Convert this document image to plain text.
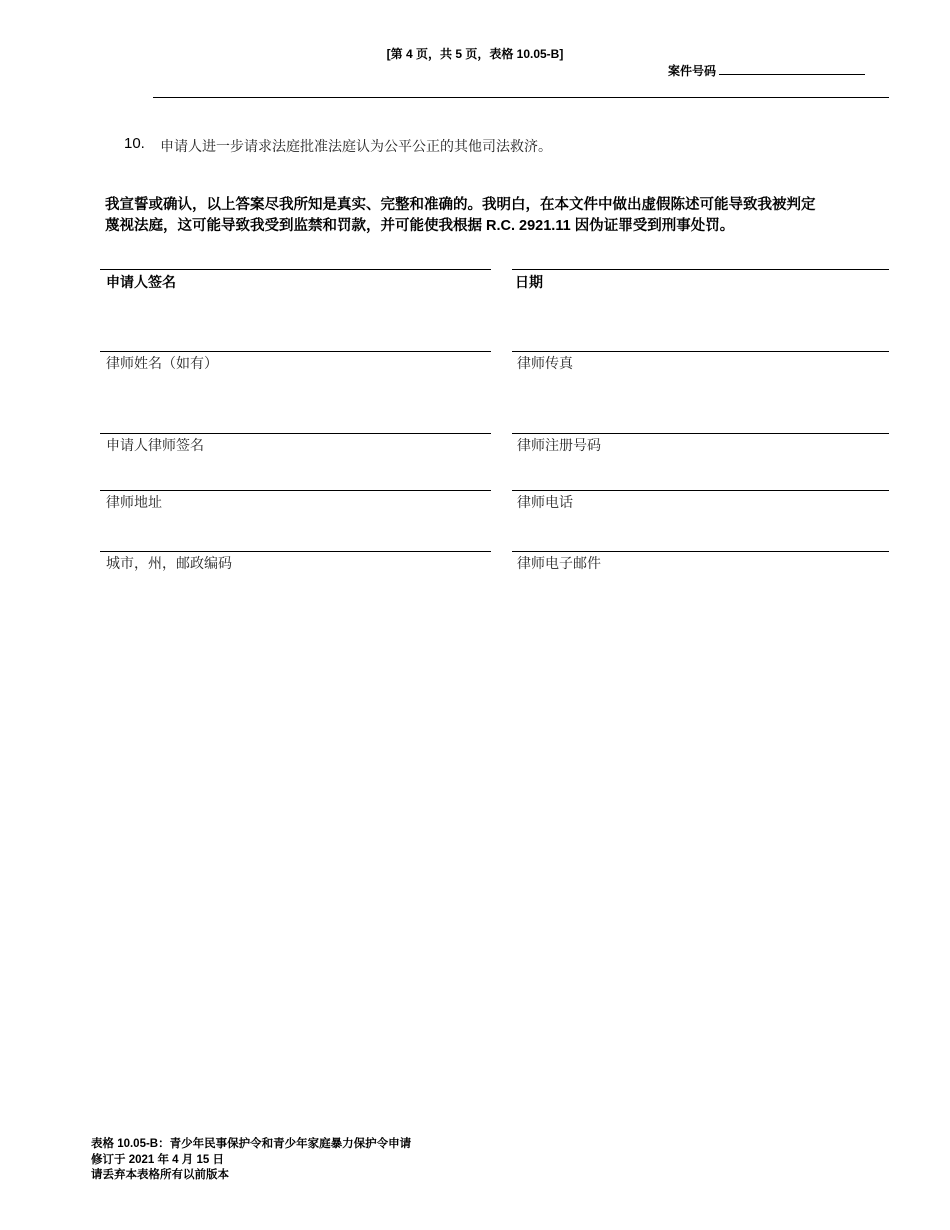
[第 4 页，共 5 页，表格 10.05-B]
案件号码
10. 申请人进一步请求法庭批准法庭认为公平公正的其他司法救济。
我宣誓或确认，以上答案尽我所知是真实、完整和准确的。我明白，在本文件中做出虚假陈述可能导致我被判定
蔑视法庭，这可能导致我受到监禁和罚款，并可能使我根据 R.C. 2921.11 因伪证罪受到刑事处罚。
申请人签名	日期
律师姓名（如有）	律师传真
申请人律师签名	律师注册号码
律师地址	律师电话
城市，州，邮政编码	律师电子邮件
表格 10.05-B：青少年民事保护令和青少年家庭暴力保护令申请
修订于 2021 年 4 月 15 日
请丢弃本表格所有以前版本
